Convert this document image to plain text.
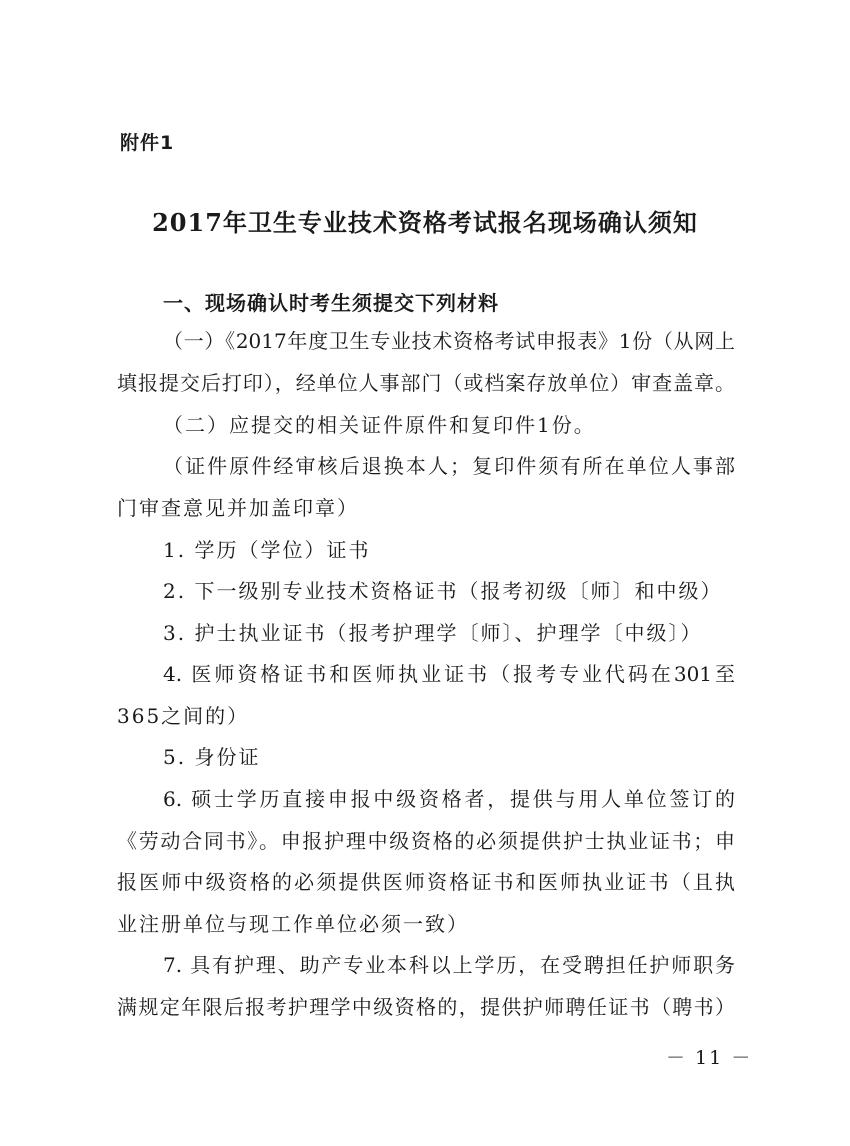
附件1
2017年卫生专业技术资格考试报名现场确认须知
一、现场确认时考生须提交下列材料
（一）《2017年度卫生专业技术资格考试申报表》1份（从网上
填报提交后打印），经单位人事部门（或档案存放单位）审查盖章。
（二）应提交的相关证件原件和复印件1份。
（证件原件经审核后退换本人；复印件须有所在单位人事部
门审查意见并加盖印章）
1. 学历（学位）证书
2. 下一级别专业技术资格证书（报考初级〔师〕和中级）
3. 护士执业证书（报考护理学〔师〕、护理学〔中级〕）
4. 医师资格证书和医师执业证书（报考专业代码在301至
365之间的）
5. 身份证
6. 硕士学历直接申报中级资格者，提供与用人单位签订的
《劳动合同书》。申报护理中级资格的必须提供护士执业证书；申
报医师中级资格的必须提供医师资格证书和医师执业证书（且执
业注册单位与现工作单位必须一致）
7. 具有护理、助产专业本科以上学历，在受聘担任护师职务
满规定年限后报考护理学中级资格的，提供护师聘任证书（聘书）
－ 11 －
